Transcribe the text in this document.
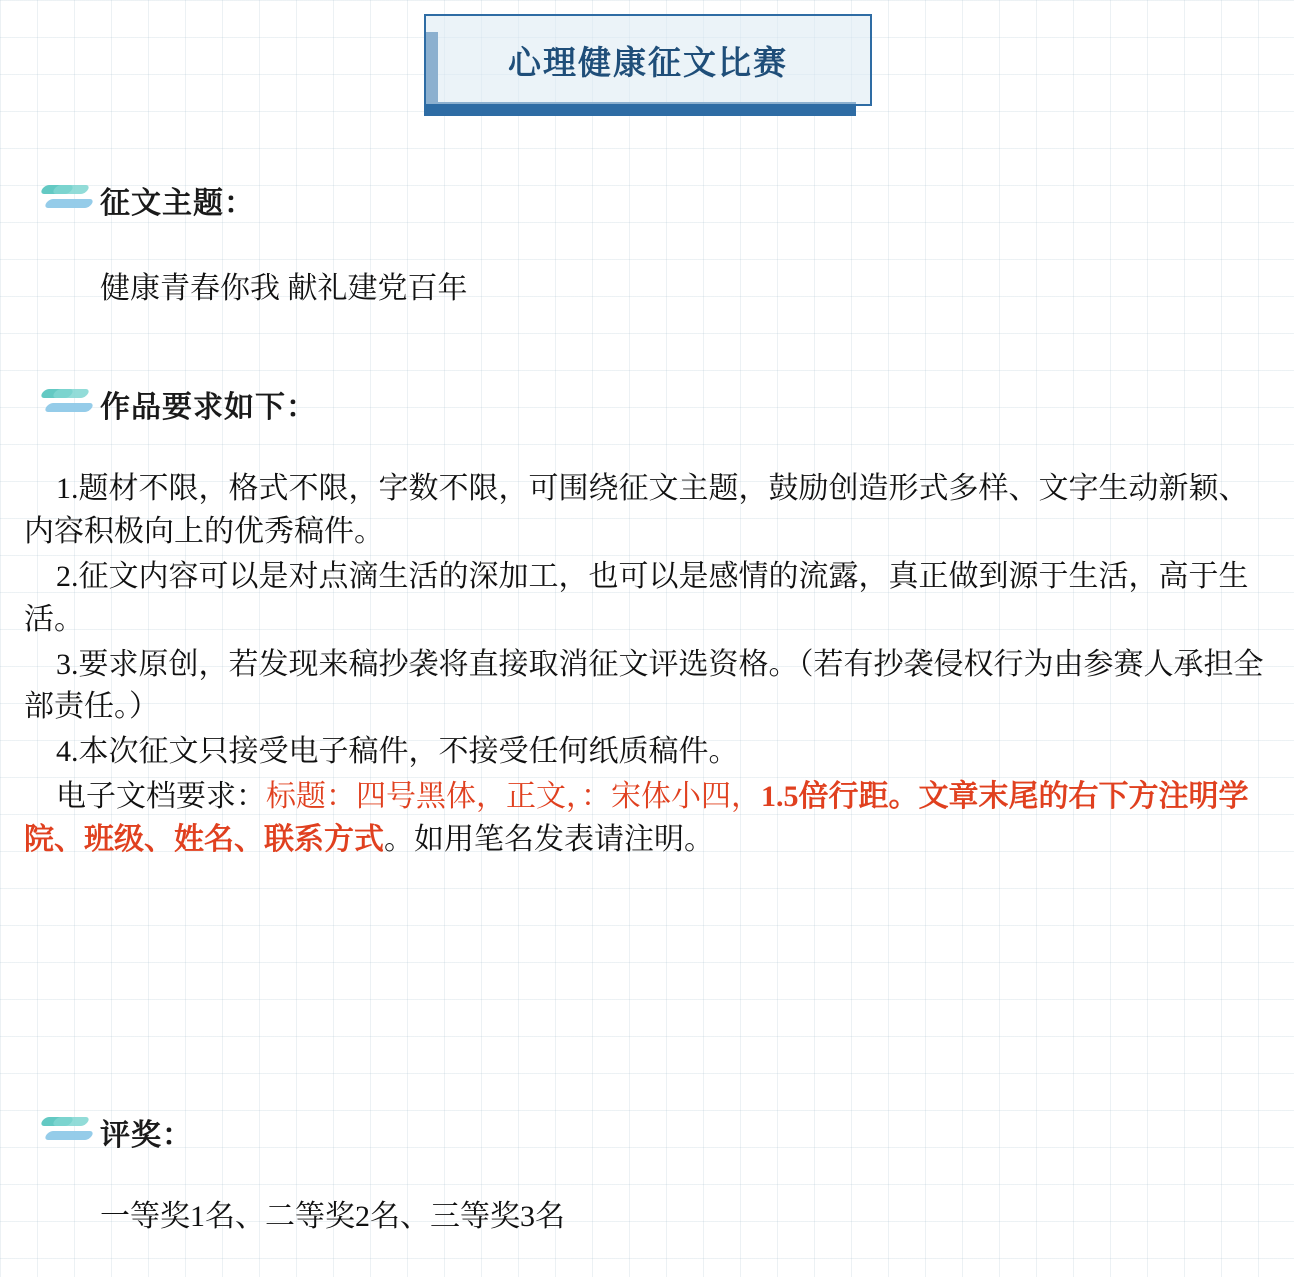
心理健康征文比赛
征文主题：
健康青春你我 献礼建党百年
作品要求如下：

1.题材不限，格式不限，字数不限，可围绕征文主题，鼓励创造形式多样、文字生动新颖、内容积极向上的优秀稿件。

2.征文内容可以是对点滴生活的深加工，也可以是感情的流露，真正做到源于生活，高于生活。

3.要求原创，若发现来稿抄袭将直接取消征文评选资格。（若有抄袭侵权行为由参赛人承担全部责任。）

4.本次征文只接受电子稿件，不接受任何纸质稿件。

电子文档要求：标题：四号黑体，正文，：宋体小四，1.5倍行距。文章末尾的右下方注明学院、班级、姓名、联系方式。如用笔名发表请注明。

评奖：
一等奖1名、二等奖2名、三等奖3名
